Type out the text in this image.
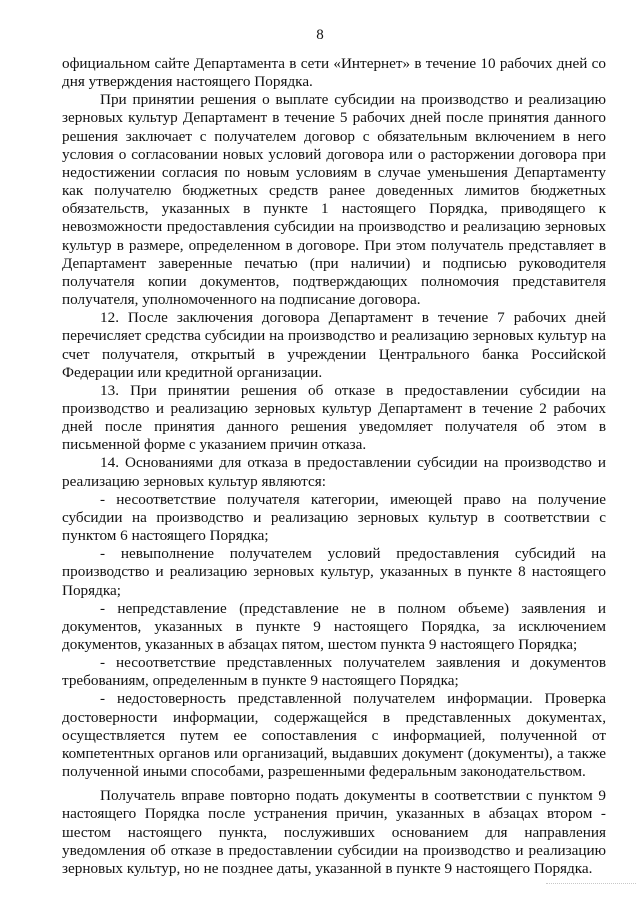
8

официальном сайте Департамента в сети «Интернет» в течение 10 рабочих дней со дня утверждения настоящего Порядка.

При принятии решения о выплате субсидии на производство и реализацию зерновых культур Департамент в течение 5 рабочих дней после принятия данного решения заключает с получателем договор с обязательным включением в него условия о согласовании новых условий договора или о расторжении договора при недостижении согласия по новым условиям в случае уменьшения Департаменту как получателю бюджетных средств ранее доведенных лимитов бюджетных обязательств, указанных в пункте 1 настоящего Порядка, приводящего к невозможности предоставления субсидии на производство и реализацию зерновых культур в размере, определенном в договоре. При этом получатель представляет в Департамент заверенные печатью (при наличии) и подписью руководителя получателя копии документов, подтверждающих полномочия представителя получателя, уполномоченного на подписание договора.

12. После заключения договора Департамент в течение 7 рабочих дней перечисляет средства субсидии на производство и реализацию зерновых культур на счет получателя, открытый в учреждении Центрального банка Российской Федерации или кредитной организации.

13. При принятии решения об отказе в предоставлении субсидии на производство и реализацию зерновых культур Департамент в течение 2 рабочих дней после принятия данного решения уведомляет получателя об этом в письменной форме с указанием причин отказа.

14. Основаниями для отказа в предоставлении субсидии на производство и реализацию зерновых культур являются:

- несоответствие получателя категории, имеющей право на получение субсидии на производство и реализацию зерновых культур в соответствии с пунктом 6 настоящего Порядка;

- невыполнение получателем условий предоставления субсидий на производство и реализацию зерновых культур, указанных в пункте 8 настоящего Порядка;

- непредставление (представление не в полном объеме) заявления и документов, указанных в пункте 9 настоящего Порядка, за исключением документов, указанных в абзацах пятом, шестом пункта 9 настоящего Порядка;

- несоответствие представленных получателем заявления и документов требованиям, определенным в пункте 9 настоящего Порядка;

- недостоверность представленной получателем информации. Проверка достоверности информации, содержащейся в представленных документах, осуществляется путем ее сопоставления с информацией, полученной от компетентных органов или организаций, выдавших документ (документы), а также полученной иными способами, разрешенными федеральным законодательством.

Получатель вправе повторно подать документы в соответствии с пунктом 9 настоящего Порядка после устранения причин, указанных в абзацах втором - шестом настоящего пункта, послуживших основанием для направления уведомления об отказе в предоставлении субсидии на производство и реализацию зерновых культур, но не позднее даты, указанной в пункте 9 настоящего Порядка.
